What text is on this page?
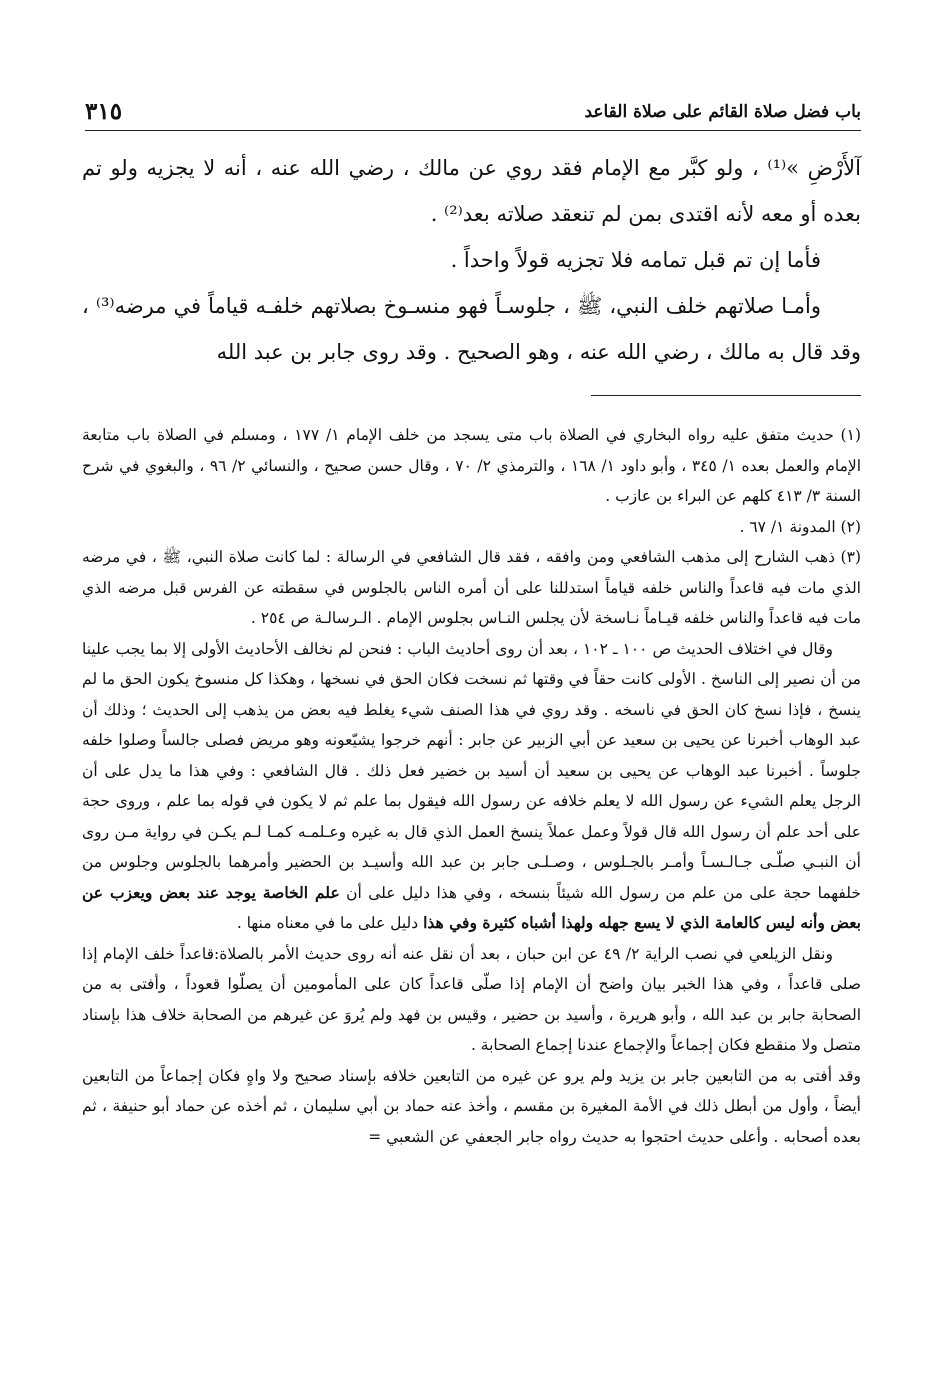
باب فضل صلاة القائم على صلاة القاعد
٣١٥

آلأَرْضِ »⁽¹⁾ ، ولو كبَّر مع الإمام فقد روي عن مالك ، رضي الله عنه ، أنه لا يجزيه ولو تم بعده أو معه لأنه اقتدى بمن لم تنعقد صلاته بعد⁽²⁾ .

فأما إن تم قبل تمامه فلا تجزيه قولاً واحداً .

وأمـا صلاتهم خلف النبي، ﷺ ، جلوسـاً فهو منسـوخ بصلاتهم خلفـه قياماً في مرضه⁽³⁾ ، وقد قال به مالك ، رضي الله عنه ، وهو الصحيح . وقد روى جابر بن عبد الله

(١) حديث متفق عليه رواه البخاري في الصلاة باب متى يسجد من خلف الإمام ١/ ١٧٧ ، ومسلم في الصلاة باب متابعة الإمام والعمل بعده ١/ ٣٤٥ ، وأبو داود ١/ ١٦٨ ، والترمذي ٢/ ٧٠ ، وقال حسن صحيح ، والنسائي ٢/ ٩٦ ، والبغوي في شرح السنة ٣/ ٤١٣ كلهم عن البراء بن عازب .

(٢) المدونة ١/ ٦٧ .

(٣) ذهب الشارح إلى مذهب الشافعي ومن وافقه ، فقد قال الشافعي في الرسالة : لما كانت صلاة النبي، ﷺ ، في مرضه الذي مات فيه قاعداً والناس خلفه قياماً استدللنا على أن أمره الناس بالجلوس في سقطته عن الفرس قبل مرضه الذي مات فيه قاعداً والناس خلفه قيـاماً نـاسخة لأن يجلس النـاس بجلوس الإمام . الـرسالـة ص ٢٥٤ .

وقال في اختلاف الحديث ص ١٠٠ ـ ١٠٢ ، بعد أن روى أحاديث الباب : فنحن لم نخالف الأحاديث الأولى إلا بما يجب علينا من أن نصير إلى الناسخ . الأولى كانت حقاً في وقتها ثم نسخت فكان الحق في نسخها ، وهكذا كل منسوخ يكون الحق ما لم ينسخ ، فإذا نسخ كان الحق في ناسخه . وقد روي في هذا الصنف شيء يغلط فيه بعض من يذهب إلى الحديث ؛ وذلك أن عبد الوهاب أخبرنا عن يحيى بن سعيد عن أبي الزبير عن جابر : أنهم خرجوا يشيّعونه وهو مريض فصلى جالساً وصلوا خلفه جلوساً . أخبرنا عبد الوهاب عن يحيى بن سعيد أن أسيد بن خضير فعل ذلك . قال الشافعي : وفي هذا ما يدل على أن الرجل يعلم الشيء عن رسول الله لا يعلم خلافه عن رسول الله فيقول بما علم ثم لا يكون في قوله بما علم ، وروى حجة على أحد علم أن رسول الله قال قولاً وعمل عملاً ينسخ العمل الذي قال به غيره وعـلمـه كمـا لـم يكـن في رواية مـن روى أن النبـي صلّـى جـالـسـاً وأمـر بالجـلوس ، وصـلـى جابر بن عبد الله وأسيـد بن الحضير وأمرهما بالجلوس وجلوس من خلفهما حجة على من علم من رسول الله شيئاً بنسخه ، وفي هذا دليل على أن علم الخاصة يوجد عند بعض ويعزب عن بعض وأنه ليس كالعامة الذي لا يسع جهله ولهذا أشباه كثيرة وفي هذا دليل على ما في معناه منها .

ونقل الزيلعي في نصب الراية ٢/ ٤٩ عن ابن حبان ، بعد أن نقل عنه أنه روى حديث الأمر بالصلاة:قاعداً خلف الإمام إذا صلى قاعداً ، وفي هذا الخبر بيان واضح أن الإمام إذا صلّى قاعداً كان على المأمومين أن يصلّوا قعوداً ، وأفتى به من الصحابة جابر بن عبد الله ، وأبو هريرة ، وأسيد بن حضير ، وقيس بن فهد ولم يُروَ عن غيرهم من الصحابة خلاف هذا بإسناد متصل ولا منقطع فكان إجماعاً والإجماع عندنا إجماع الصحابة .

وقد أفتى به من التابعين جابر بن يزيد ولم يرو عن غيره من التابعين خلافه بإسناد صحيح ولا واهٍ فكان إجماعاً من التابعين أيضاً ، وأول من أبطل ذلك في الأمة المغيرة بن مقسم ، وأخذ عنه حماد بن أبي سليمان ، ثم أخذه عن حماد أبو حنيفة ، ثم بعده أصحابه . وأعلى حديث احتجوا به حديث رواه جابر الجعفي عن الشعبي =
